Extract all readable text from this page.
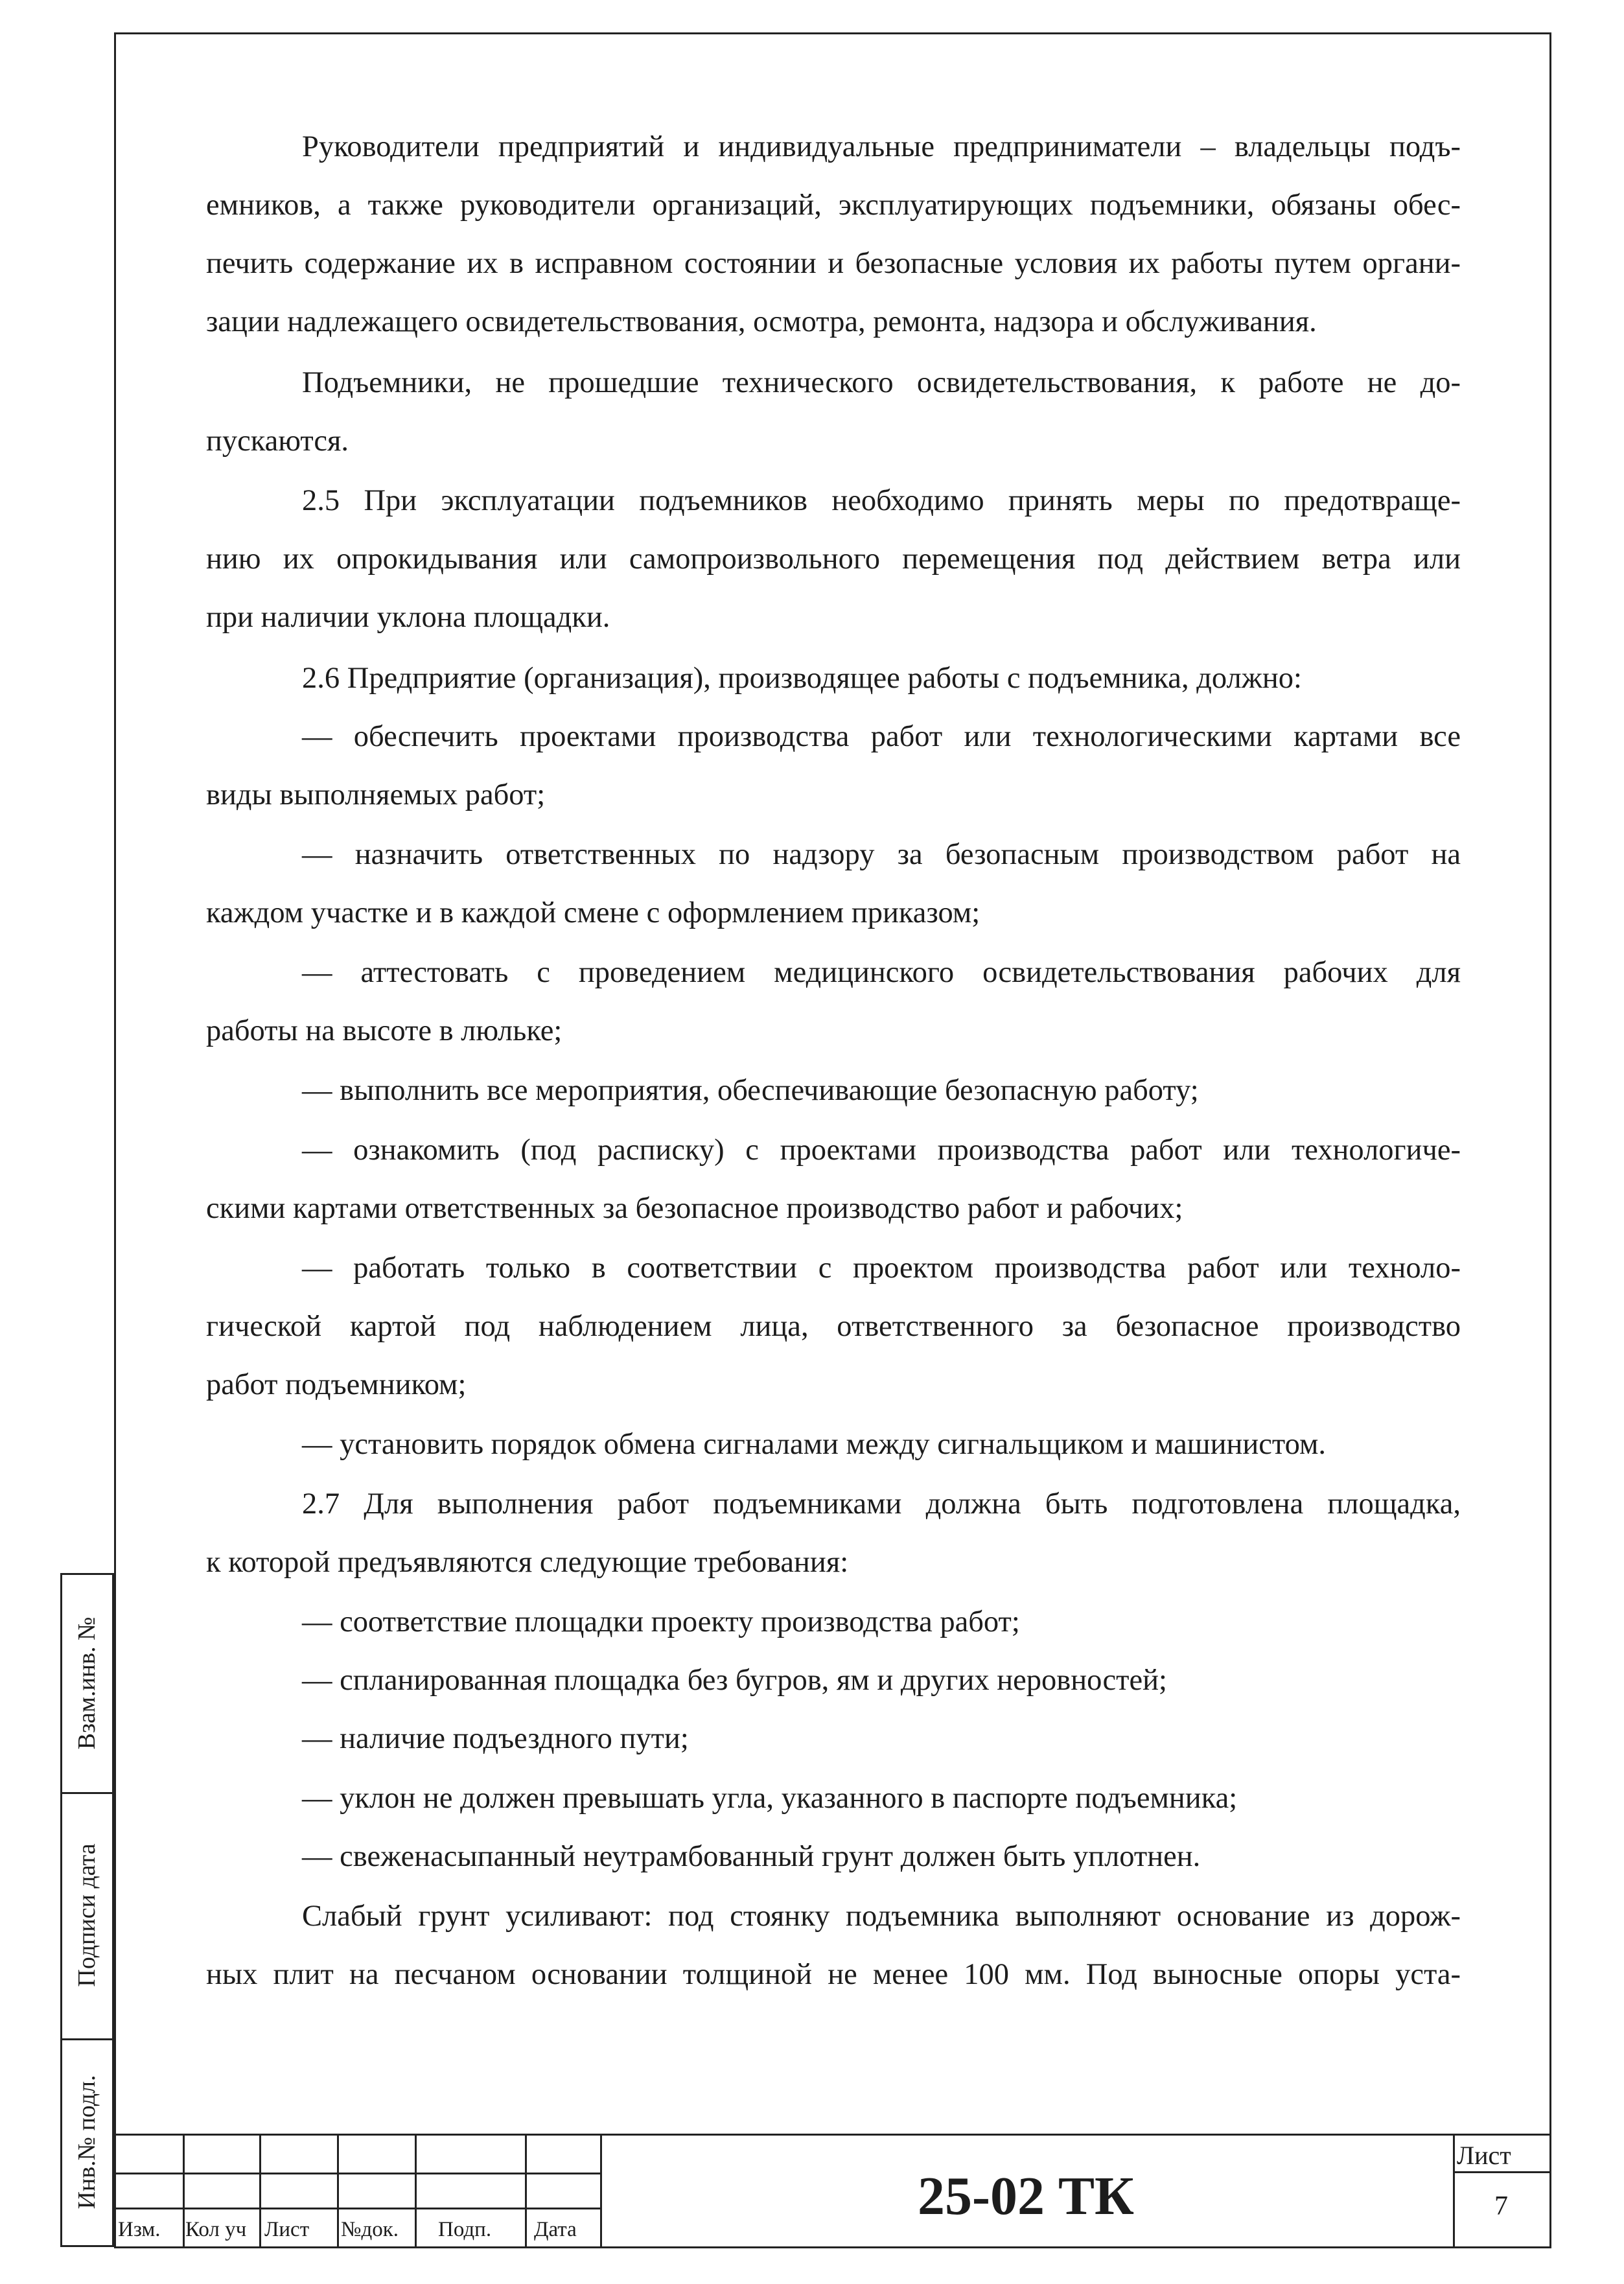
Руководители предприятий и индивидуальные предприниматели – владельцы подъ-
емников, а также руководители организаций, эксплуатирующих подъемники, обязаны обес-
печить содержание их в исправном состоянии и безопасные условия их работы путем органи-
зации надлежащего освидетельствования, осмотра, ремонта, надзора и обслуживания.
Подъемники, не прошедшие технического освидетельствования, к работе не до-
пускаются.
2.5 При эксплуатации подъемников необходимо принять меры по предотвраще-
нию их опрокидывания или самопроизвольного перемещения под действием ветра или
при наличии уклона площадки.
2.6 Предприятие (организация), производящее работы с подъемника, должно:
— обеспечить проектами производства работ или технологическими картами все
виды выполняемых работ;
— назначить ответственных по надзору за безопасным производством работ на
каждом участке и в каждой смене с оформлением приказом;
— аттестовать с проведением медицинского освидетельствования рабочих для
работы на высоте в люльке;
— выполнить все мероприятия, обеспечивающие безопасную работу;
— ознакомить (под расписку) с проектами производства работ или технологиче-
скими картами ответственных за безопасное производство работ и рабочих;
— работать только в соответствии с проектом производства работ или техноло-
гической картой под наблюдением лица, ответственного за безопасное производство
работ подъемником;
— установить порядок обмена сигналами между сигнальщиком и машинистом.
2.7 Для выполнения работ подъемниками должна быть подготовлена площадка,
к которой предъявляются следующие требования:
— соответствие площадки проекту производства работ;
— спланированная площадка без бугров, ям и других неровностей;
— наличие подъездного пути;
— уклон не должен превышать угла, указанного в паспорте подъемника;
— свеженасыпанный неутрамбованный грунт должен быть уплотнен.
Слабый грунт усиливают: под стоянку подъемника выполняют основание из дорож-
ных плит на песчаном основании толщиной не менее 100 мм. Под выносные опоры уста-
Взам.инв. №
Подписи дата
Инв.№ подл.
Изм. Кол уч Лист №док. Подп. Дата
25-02 ТК
Лист
7
